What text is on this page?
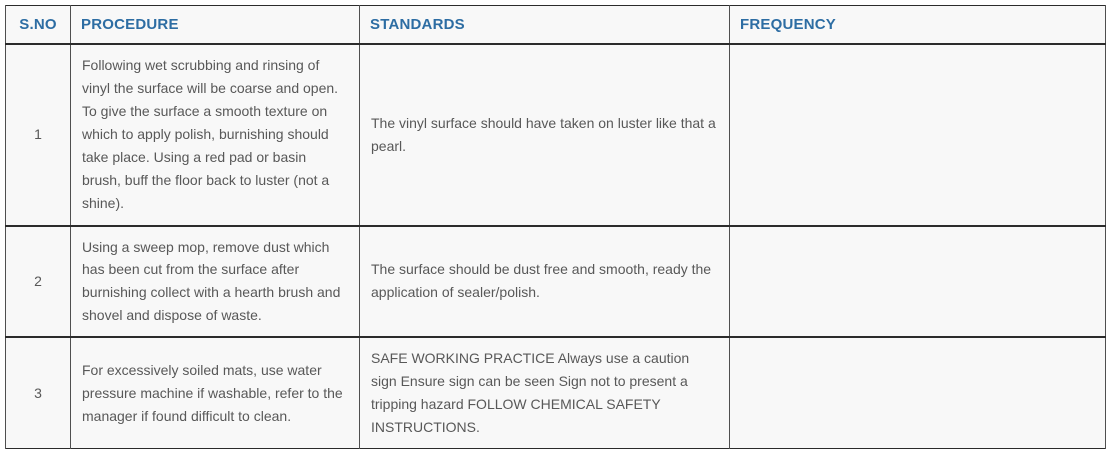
S.NO	PROCEDURE	STANDARDS	FREQUENCY
1	Following wet scrubbing and rinsing of vinyl the surface will be coarse and open. To give the surface a smooth texture on which to apply polish, burnishing should take place. Using a red pad or basin brush, buff the floor back to luster (not a shine).	The vinyl surface should have taken on luster like that a pearl.	
2	Using a sweep mop, remove dust which has been cut from the surface after burnishing collect with a hearth brush and shovel and dispose of waste.	The surface should be dust free and smooth, ready the application of sealer/polish.	
3	For excessively soiled mats, use water pressure machine if washable, refer to the manager if found difficult to clean.	SAFE WORKING PRACTICE Always use a caution sign Ensure sign can be seen Sign not to present a tripping hazard FOLLOW CHEMICAL SAFETY INSTRUCTIONS.	
